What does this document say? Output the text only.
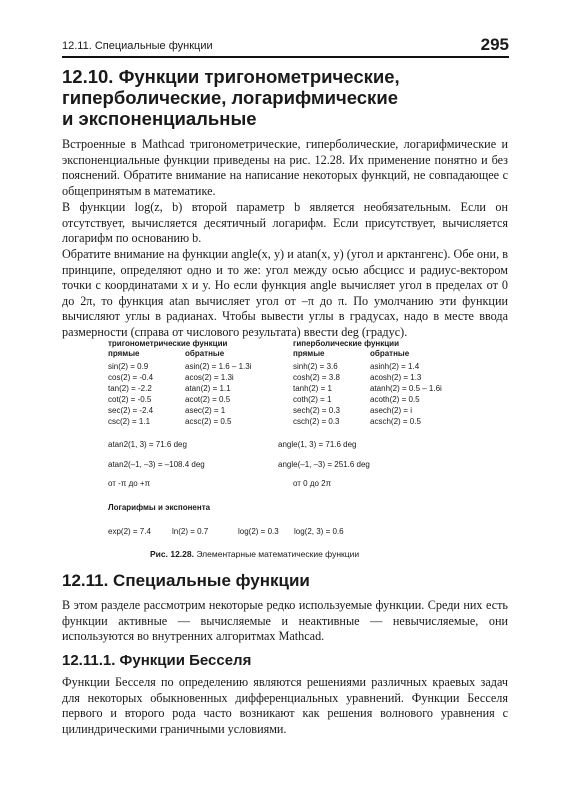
12.11. Специальные функции	295
12.10. Функции тригонометрические,
гиперболические, логарифмические
и экспоненциальные
Встроенные в Mathcad тригонометрические, гиперболические, логарифмические и экспоненциальные функции приведены на рис. 12.28. Их применение понятно и без пояснений. Обратите внимание на написание некоторых функций, не совпадающее с общепринятым в математике.
В функции log(z, b) второй параметр b является необязательным. Если он отсутствует, вычисляется десятичный логарифм. Если присутствует, вычисляется логарифм по основанию b.
Обратите внимание на функции angle(x, y) и atan(x, y) (угол и арктангенс). Обе они, в принципе, определяют одно и то же: угол между осью абсцисс и радиус-вектором точки с координатами x и y. Но если функция angle вычисляет угол в пределах от 0 до 2π, то функция atan вычисляет угол от –π до π. По умолчанию эти функции вычисляют углы в радианах. Чтобы вывести углы в градусах, надо в месте ввода размерности (справа от числового результата) ввести deg (градус).
тригонометрические функции	гиперболические функции
прямые	обратные	прямые	обратные
sin(2) = 0.9	asin(2) = 1.6 – 1.3i	sinh(2) = 3.6	asinh(2) = 1.4
cos(2) = -0.4	acos(2) = 1.3i	cosh(2) = 3.8	acosh(2) = 1.3
tan(2) = -2.2	atan(2) = 1.1	tanh(2) = 1	atanh(2) = 0.5 – 1.6i
cot(2) = -0.5	acot(2) = 0.5	coth(2) = 1	acoth(2) = 0.5
sec(2) = -2.4	asec(2) = 1	sech(2) = 0.3	asech(2) = i
csc(2) = 1.1	acsc(2) = 0.5	csch(2) = 0.3	acsch(2) = 0.5
atan2(1, 3) = 71.6 deg	angle(1, 3) = 71.6 deg
atan2(–1, –3) = –108.4 deg	angle(–1, –3) = 251.6 deg
от -π до +π	от 0 до 2π
Логарифмы и экспонента
exp(2) = 7.4	ln(2) = 0.7	log(2) = 0.3 log(2, 3) = 0.6
Рис. 12.28. Элементарные математические функции
12.11. Специальные функции
В этом разделе рассмотрим некоторые редко используемые функции. Среди них есть функции активные — вычисляемые и неактивные — невычисляемые, они используются во внутренних алгоритмах Mathcad.
12.11.1. Функции Бесселя
Функции Бесселя по определению являются решениями различных краевых задач для некоторых обыкновенных дифференциальных уравнений. Функции Бесселя первого и второго рода часто возникают как решения волнового уравнения с цилиндрическими граничными условиями.
